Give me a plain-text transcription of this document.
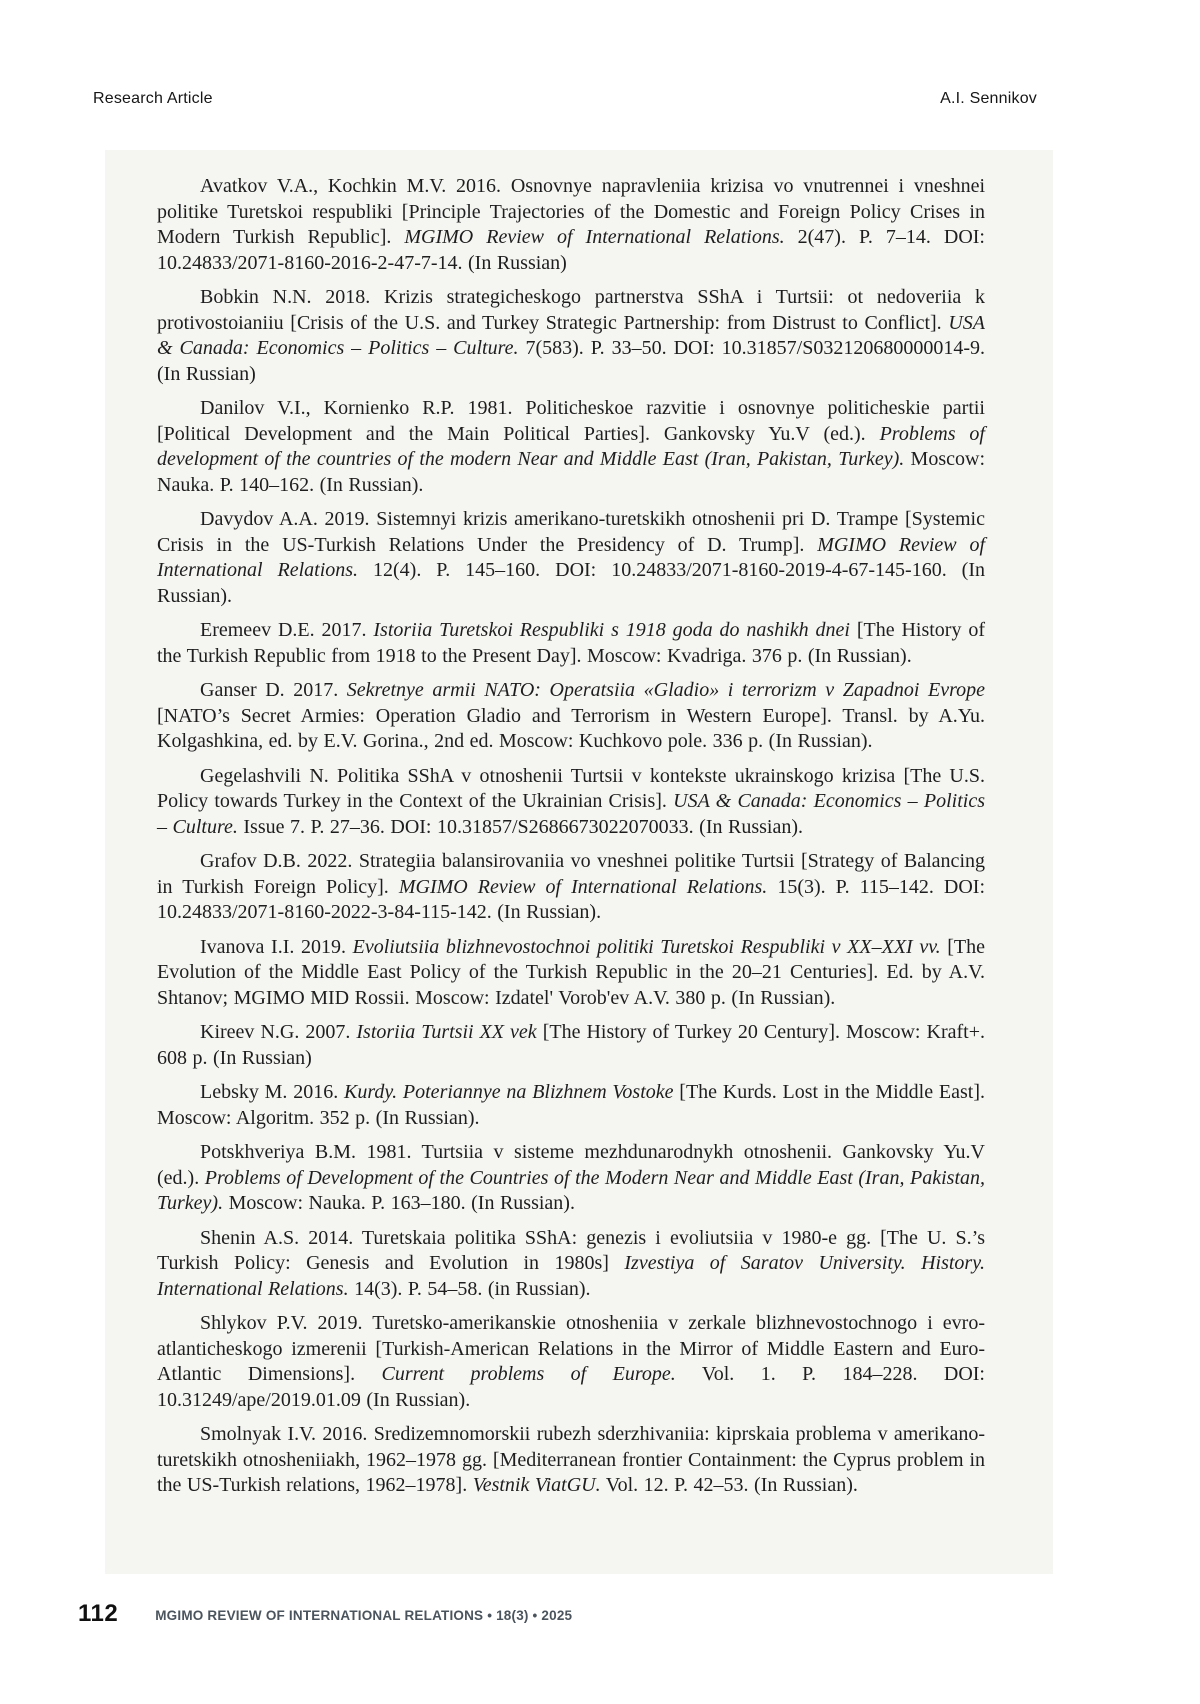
Research Article	A.I. Sennikov

Avatkov V.A., Kochkin M.V. 2016. Osnovnye napravleniia krizisa vo vnutrennei i vneshnei politike Turetskoi respubliki [Principle Trajectories of the Domestic and Foreign Policy Crises in Modern Turkish Republic]. MGIMO Review of International Relations. 2(47). P. 7–14. DOI: 10.24833/2071-8160-2016-2-47-7-14. (In Russian)

Bobkin N.N. 2018. Krizis strategicheskogo partnerstva SShA i Turtsii: ot nedoveriia k protivostoianiiu [Crisis of the U.S. and Turkey Strategic Partnership: from Distrust to Conflict]. USA & Canada: Economics – Politics – Culture. 7(583). P. 33–50. DOI: 10.31857/S032120680000014-9. (In Russian)

Danilov V.I., Kornienko R.P. 1981. Politicheskoe razvitie i osnovnye politicheskie partii [Political Development and the Main Political Parties]. Gankovsky Yu.V (ed.). Problems of development of the countries of the modern Near and Middle East (Iran, Pakistan, Turkey). Moscow: Nauka. P. 140–162. (In Russian).

Davydov A.A. 2019. Sistemnyi krizis amerikano-turetskikh otnoshenii pri D. Trampe [Systemic Crisis in the US-Turkish Relations Under the Presidency of D. Trump]. MGIMO Review of International Relations. 12(4). P. 145–160. DOI: 10.24833/2071-8160-2019-4-67-145-160. (In Russian).

Eremeev D.E. 2017. Istoriia Turetskoi Respubliki s 1918 goda do nashikh dnei [The History of the Turkish Republic from 1918 to the Present Day]. Moscow: Kvadriga. 376 p. (In Russian).

Ganser D. 2017. Sekretnye armii NATO: Operatsiia «Gladio» i terrorizm v Zapadnoi Evrope [NATO’s Secret Armies: Operation Gladio and Terrorism in Western Europe]. Transl. by A.Yu. Kolgashkina, ed. by E.V. Gorina., 2nd ed. Moscow: Kuchkovo pole. 336 p. (In Russian).

Gegelashvili N. Politika SShA v otnoshenii Turtsii v kontekste ukrainskogo krizisa [The U.S. Policy towards Turkey in the Context of the Ukrainian Crisis]. USA & Canada: Economics – Politics – Culture. Issue 7. P. 27–36. DOI: 10.31857/S2686673022070033. (In Russian).

Grafov D.B. 2022. Strategiia balansirovaniia vo vneshnei politike Turtsii [Strategy of Balancing in Turkish Foreign Policy]. MGIMO Review of International Relations. 15(3). P. 115–142. DOI: 10.24833/2071-8160-2022-3-84-115-142. (In Russian).

Ivanova I.I. 2019. Evoliutsiia blizhnevostochnoi politiki Turetskoi Respubliki v XX–XXI vv. [The Evolution of the Middle East Policy of the Turkish Republic in the 20–21 Centuries]. Ed. by A.V. Shtanov; MGIMO MID Rossii. Moscow: Izdatel' Vorob'ev A.V. 380 p. (In Russian).

Kireev N.G. 2007. Istoriia Turtsii XX vek [The History of Turkey 20 Century]. Moscow: Kraft+. 608 p. (In Russian)

Lebsky M. 2016. Kurdy. Poteriannye na Blizhnem Vostoke [The Kurds. Lost in the Middle East]. Moscow: Algoritm. 352 p. (In Russian).

Potskhveriya B.M. 1981. Turtsiia v sisteme mezhdunarodnykh otnoshenii. Gankovsky Yu.V (ed.). Problems of Development of the Countries of the Modern Near and Middle East (Iran, Pakistan, Turkey). Moscow: Nauka. P. 163–180. (In Russian).

Shenin A.S. 2014. Turetskaia politika SShA: genezis i evoliutsiia v 1980-e gg. [The U. S.’s Turkish Policy: Genesis and Evolution in 1980s] Izvestiya of Saratov University. History. International Relations. 14(3). P. 54–58. (in Russian).

Shlykov P.V. 2019. Turetsko-amerikanskie otnosheniia v zerkale blizhnevostochnogo i evro-atlanticheskogo izmerenii [Turkish-American Relations in the Mirror of Middle Eastern and Euro-Atlantic Dimensions]. Current problems of Europe. Vol. 1. P. 184–228. DOI: 10.31249/ape/2019.01.09 (In Russian).

Smolnyak I.V. 2016. Sredizemnomorskii rubezh sderzhivaniia: kiprskaia problema v amerikano-turetskikh otnosheniiakh, 1962–1978 gg. [Mediterranean frontier Containment: the Cyprus problem in the US-Turkish relations, 1962–1978]. Vestnik ViatGU. Vol. 12. P. 42–53. (In Russian).

112	MGIMO REVIEW OF INTERNATIONAL RELATIONS • 18(3) • 2025
